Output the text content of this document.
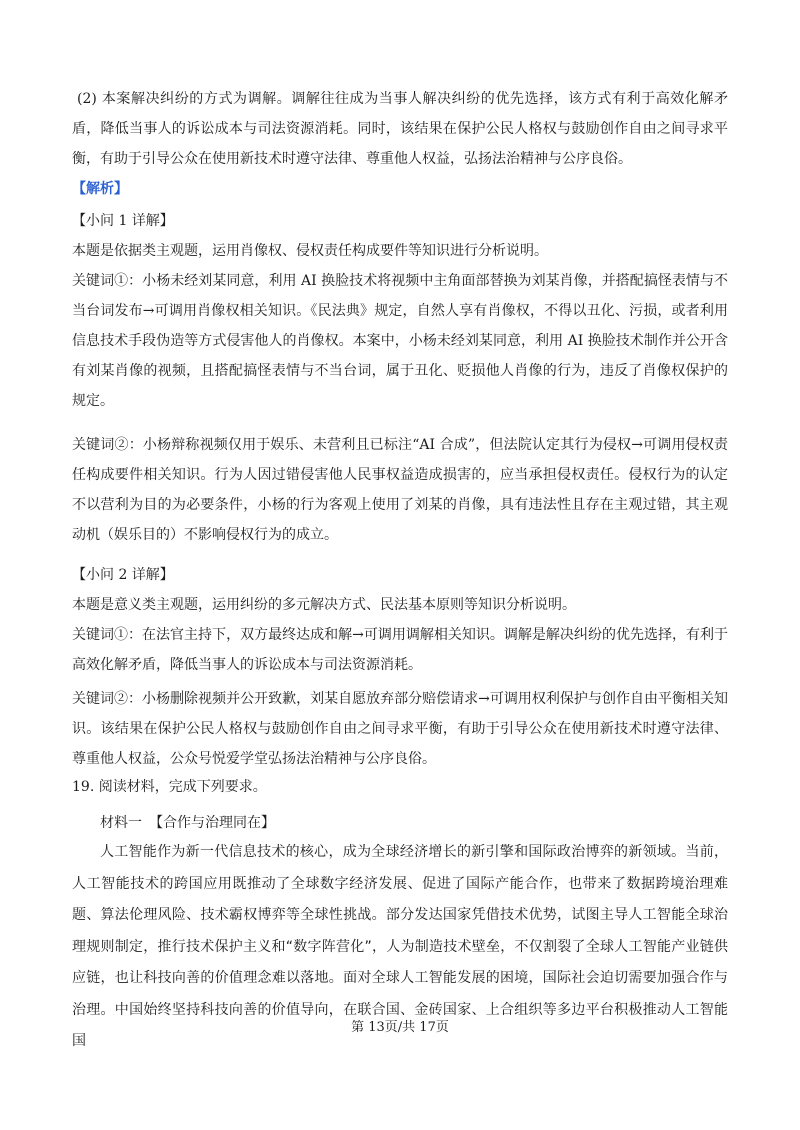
(2) 本案解决纠纷的方式为调解。调解往往成为当事人解决纠纷的优先选择，该方式有利于高效化解矛盾，降低当事人的诉讼成本与司法资源消耗。同时，该结果在保护公民人格权与鼓励创作自由之间寻求平衡，有助于引导公众在使用新技术时遵守法律、尊重他人权益，弘扬法治精神与公序良俗。

【解析】

【小问 1 详解】

本题是依据类主观题，运用肖像权、侵权责任构成要件等知识进行分析说明。

关键词①：小杨未经刘某同意，利用 AI 换脸技术将视频中主角面部替换为刘某肖像，并搭配搞怪表情与不当台词发布→可调用肖像权相关知识。《民法典》规定，自然人享有肖像权，不得以丑化、污损，或者利用信息技术手段伪造等方式侵害他人的肖像权。本案中，小杨未经刘某同意，利用 AI 换脸技术制作并公开含有刘某肖像的视频，且搭配搞怪表情与不当台词，属于丑化、贬损他人肖像的行为，违反了肖像权保护的规定。

关键词②：小杨辩称视频仅用于娱乐、未营利且已标注“AI 合成”，但法院认定其行为侵权→可调用侵权责任构成要件相关知识。行为人因过错侵害他人民事权益造成损害的，应当承担侵权责任。侵权行为的认定不以营利为目的为必要条件，小杨的行为客观上使用了刘某的肖像，具有违法性且存在主观过错，其主观动机（娱乐目的）不影响侵权行为的成立。

【小问 2 详解】

本题是意义类主观题，运用纠纷的多元解决方式、民法基本原则等知识分析说明。

关键词①：在法官主持下，双方最终达成和解→可调用调解相关知识。调解是解决纠纷的优先选择，有利于高效化解矛盾，降低当事人的诉讼成本与司法资源消耗。

关键词②：小杨删除视频并公开致歉，刘某自愿放弃部分赔偿请求→可调用权利保护与创作自由平衡相关知识。该结果在保护公民人格权与鼓励创作自由之间寻求平衡，有助于引导公众在使用新技术时遵守法律、尊重他人权益，公众号悦爱学堂弘扬法治精神与公序良俗。

19. 阅读材料，完成下列要求。

材料一　【合作与治理同在】

人工智能作为新一代信息技术的核心，成为全球经济增长的新引擎和国际政治博弈的新领域。当前，人工智能技术的跨国应用既推动了全球数字经济发展、促进了国际产能合作，也带来了数据跨境治理难题、算法伦理风险、技术霸权博弈等全球性挑战。部分发达国家凭借技术优势，试图主导人工智能全球治理规则制定，推行技术保护主义和“数字阵营化”，人为制造技术壁垒，不仅割裂了全球人工智能产业链供应链，也让科技向善的价值理念难以落地。面对全球人工智能发展的困境，国际社会迫切需要加强合作与治理。中国始终坚持科技向善的价值导向，在联合国、金砖国家、上合组织等多边平台积极推动人工智能国

第 13页/共 17页
